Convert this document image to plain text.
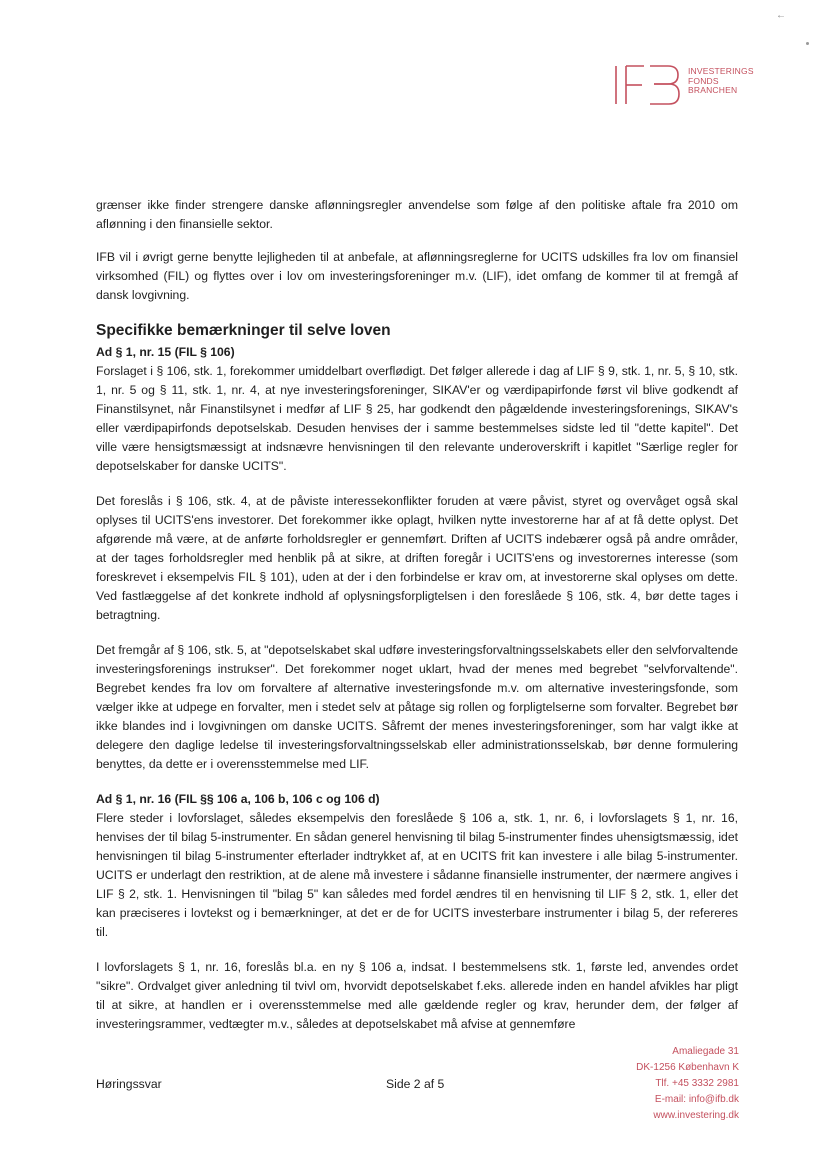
←
INVESTERINGS
FONDS
BRANCHEN

grænser ikke finder strengere danske aflønningsregler anvendelse som følge af den politiske aftale fra 2010 om aflønning i den finansielle sektor.

IFB vil i øvrigt gerne benytte lejligheden til at anbefale, at aflønningsreglerne for UCITS udskilles fra lov om finansiel virksomhed (FIL) og flyttes over i lov om investeringsforeninger m.v. (LIF), idet omfang de kommer til at fremgå af dansk lovgivning.

Specifikke bemærkninger til selve loven
Ad § 1, nr. 15 (FIL § 106)

Forslaget i § 106, stk. 1, forekommer umiddelbart overflødigt. Det følger allerede i dag af LIF § 9, stk. 1, nr. 5, § 10, stk. 1, nr. 5 og § 11, stk. 1, nr. 4, at nye investeringsforeninger, SIKAV'er og værdipapirfonde først vil blive godkendt af Finanstilsynet, når Finanstilsynet i medfør af LIF § 25, har godkendt den pågældende investeringsforenings, SIKAV's eller værdipapirfonds depotselskab. Desuden henvises der i samme bestemmelses sidste led til "dette kapitel". Det ville være hensigtsmæssigt at indsnævre henvisningen til den relevante underoverskrift i kapitlet "Særlige regler for depotselskaber for danske UCITS".

Det foreslås i § 106, stk. 4, at de påviste interessekonflikter foruden at være påvist, styret og overvåget også skal oplyses til UCITS'ens investorer. Det forekommer ikke oplagt, hvilken nytte investorerne har af at få dette oplyst. Det afgørende må være, at de anførte forholdsregler er gennemført. Driften af UCITS indebærer også på andre områder, at der tages forholdsregler med henblik på at sikre, at driften foregår i UCITS'ens og investorernes interesse (som foreskrevet i eksempelvis FIL § 101), uden at der i den forbindelse er krav om, at investorerne skal oplyses om dette. Ved fastlæggelse af det konkrete indhold af oplysningsforpligtelsen i den foreslåede § 106, stk. 4, bør dette tages i betragtning.

Det fremgår af § 106, stk. 5, at "depotselskabet skal udføre investeringsforvaltningsselskabets eller den selvforvaltende investeringsforenings instrukser". Det forekommer noget uklart, hvad der menes med begrebet "selvforvaltende". Begrebet kendes fra lov om forvaltere af alternative investeringsfonde m.v. om alternative investeringsfonde, som vælger ikke at udpege en forvalter, men i stedet selv at påtage sig rollen og forpligtelserne som forvalter. Begrebet bør ikke blandes ind i lovgivningen om danske UCITS. Såfremt der menes investeringsforeninger, som har valgt ikke at delegere den daglige ledelse til investeringsforvaltningsselskab eller administrationsselskab, bør denne formulering benyttes, da dette er i overensstemmelse med LIF.

Ad § 1, nr. 16 (FIL §§ 106 a, 106 b, 106 c og 106 d)

Flere steder i lovforslaget, således eksempelvis den foreslåede § 106 a, stk. 1, nr. 6, i lovforslagets § 1, nr. 16, henvises der til bilag 5-instrumenter. En sådan generel henvisning til bilag 5-instrumenter findes uhensigtsmæssig, idet henvisningen til bilag 5-instrumenter efterlader indtrykket af, at en UCITS frit kan investere i alle bilag 5-instrumenter. UCITS er underlagt den restriktion, at de alene må investere i sådanne finansielle instrumenter, der nærmere angives i LIF § 2, stk. 1. Henvisningen til "bilag 5" kan således med fordel ændres til en henvisning til LIF § 2, stk. 1, eller det kan præciseres i lovtekst og i bemærkninger, at det er de for UCITS investerbare instrumenter i bilag 5, der refereres til.

I lovforslagets § 1, nr. 16, foreslås bl.a. en ny § 106 a, indsat. I bestemmelsens stk. 1, første led, anvendes ordet "sikre". Ordvalget giver anledning til tvivl om, hvorvidt depotselskabet f.eks. allerede inden en handel afvikles har pligt til at sikre, at handlen er i overensstemmelse med alle gældende regler og krav, herunder dem, der følger af investeringsrammer, vedtægter m.v., således at depotselskabet må afvise at gennemføre

Høringssvar	Side 2 af 5
Amaliegade 31
DK-1256 København K
Tlf. +45 3332 2981
E-mail: info@ifb.dk
www.investering.dk
